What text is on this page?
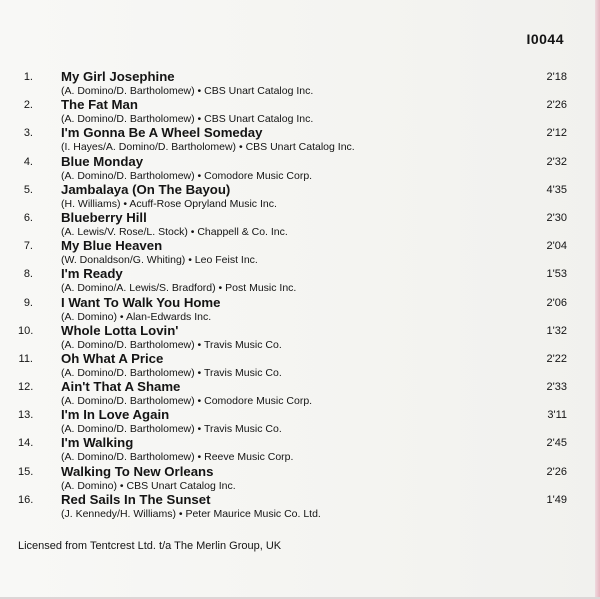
I0044
1. My Girl Josephine
(A. Domino/D. Bartholomew) • CBS Unart Catalog Inc.
2'18
2. The Fat Man
(A. Domino/D. Bartholomew) • CBS Unart Catalog Inc.
2'26
3. I'm Gonna Be A Wheel Someday
(I. Hayes/A. Domino/D. Bartholomew) • CBS Unart Catalog Inc.
2'12
4. Blue Monday
(A. Domino/D. Bartholomew) • Comodore Music Corp.
2'32
5. Jambalaya (On The Bayou)
(H. Williams) • Acuff-Rose Opryland Music Inc.
4'35
6. Blueberry Hill
(A. Lewis/V. Rose/L. Stock) • Chappell & Co. Inc.
2'30
7. My Blue Heaven
(W. Donaldson/G. Whiting) • Leo Feist Inc.
2'04
8. I'm Ready
(A. Domino/A. Lewis/S. Bradford) • Post Music Inc.
1'53
9. I Want To Walk You Home
(A. Domino) • Alan-Edwards Inc.
2'06
10. Whole Lotta Lovin'
(A. Domino/D. Bartholomew) • Travis Music Co.
1'32
11. Oh What A Price
(A. Domino/D. Bartholomew) • Travis Music Co.
2'22
12. Ain't That A Shame
(A. Domino/D. Bartholomew) • Comodore Music Corp.
2'33
13. I'm In Love Again
(A. Domino/D. Bartholomew) • Travis Music Co.
3'11
14. I'm Walking
(A. Domino/D. Bartholomew) • Reeve Music Corp.
2'45
15. Walking To New Orleans
(A. Domino) • CBS Unart Catalog Inc.
2'26
16. Red Sails In The Sunset
(J. Kennedy/H. Williams) • Peter Maurice Music Co. Ltd.
1'49
Licensed from Tentcrest Ltd. t/a The Merlin Group, UK
